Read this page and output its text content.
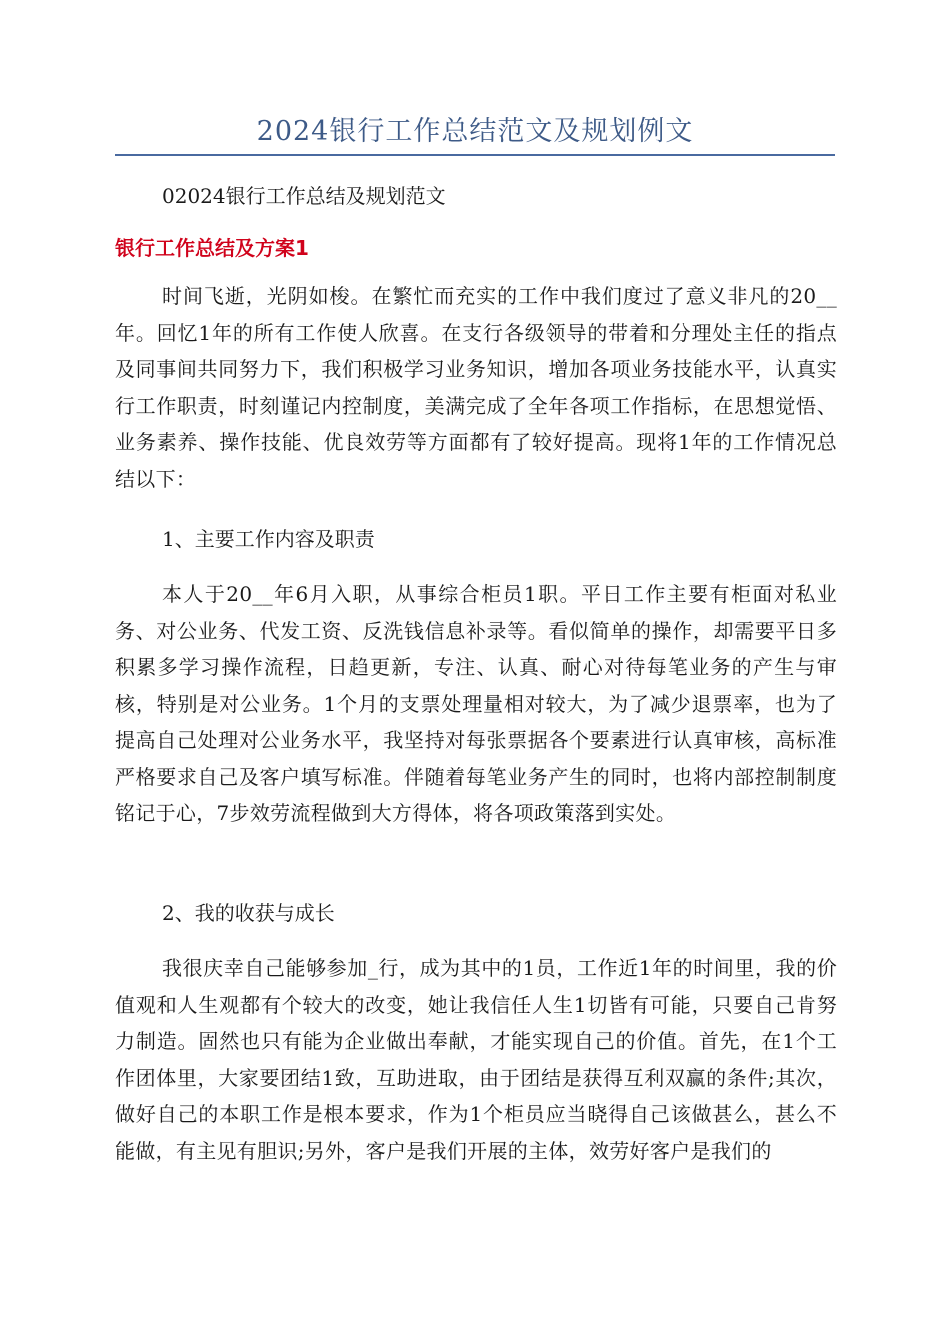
2024银行工作总结范文及规划例文

02024银行工作总结及规划范文

银行工作总结及方案1

时间飞逝，光阴如梭。在繁忙而充实的工作中我们度过了意义非凡的20__年。回忆1年的所有工作使人欣喜。在支行各级领导的带着和分理处主任的指点及同事间共同努力下，我们积极学习业务知识，增加各项业务技能水平，认真实行工作职责，时刻谨记内控制度，美满完成了全年各项工作指标，在思想觉悟、业务素养、操作技能、优良效劳等方面都有了较好提高。现将1年的工作情况总结以下：

1、主要工作内容及职责

本人于20__年6月入职，从事综合柜员1职。平日工作主要有柜面对私业务、对公业务、代发工资、反洗钱信息补录等。看似简单的操作，却需要平日多积累多学习操作流程，日趋更新，专注、认真、耐心对待每笔业务的产生与审核，特别是对公业务。1个月的支票处理量相对较大，为了减少退票率，也为了提高自己处理对公业务水平，我坚持对每张票据各个要素进行认真审核，高标准严格要求自己及客户填写标准。伴随着每笔业务产生的同时，也将内部控制制度铭记于心，7步效劳流程做到大方得体，将各项政策落到实处。

2、我的收获与成长

我很庆幸自己能够参加_行，成为其中的1员，工作近1年的时间里，我的价值观和人生观都有个较大的改变，她让我信任人生1切皆有可能，只要自己肯努力制造。固然也只有能为企业做出奉献，才能实现自己的价值。首先，在1个工作团体里，大家要团结1致，互助进取，由于团结是获得互利双赢的条件;其次，做好自己的本职工作是根本要求，作为1个柜员应当晓得自己该做甚么，甚么不能做，有主见有胆识;另外，客户是我们开展的主体，效劳好客户是我们的
